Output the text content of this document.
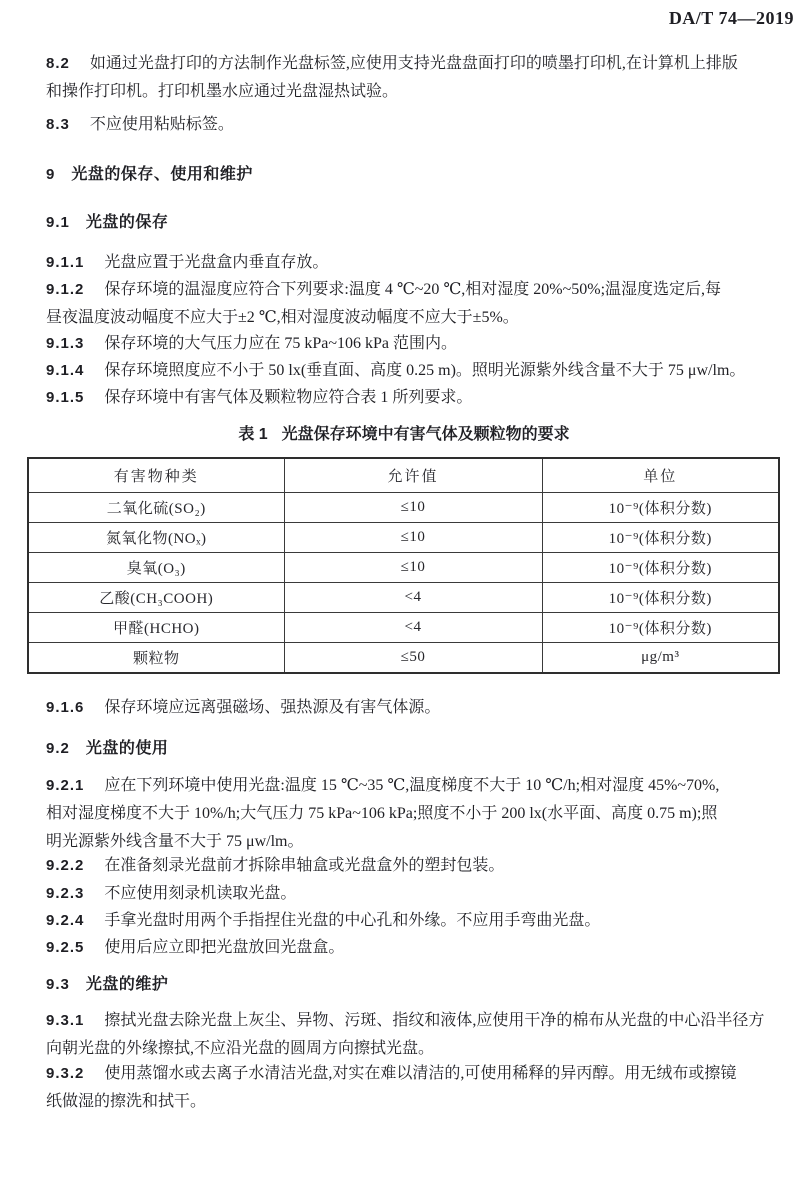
DA/T 74—2019
8.2 如通过光盘打印的方法制作光盘标签,应使用支持光盘盘面打印的喷墨打印机,在计算机上排版
和操作打印机。打印机墨水应通过光盘湿热试验。
8.3 不应使用粘贴标签。
9 光盘的保存、使用和维护
9.1 光盘的保存
9.1.1 光盘应置于光盘盒内垂直存放。
9.1.2 保存环境的温湿度应符合下列要求:温度 4 ℃~20 ℃,相对湿度 20%~50%;温湿度选定后,每
昼夜温度波动幅度不应大于±2 ℃,相对湿度波动幅度不应大于±5%。
9.1.3 保存环境的大气压力应在 75 kPa~106 kPa 范围内。
9.1.4 保存环境照度应不小于 50 lx(垂直面、高度 0.25 m)。照明光源紫外线含量不大于 75 μw/lm。
9.1.5 保存环境中有害气体及颗粒物应符合表 1 所列要求。
表 1 光盘保存环境中有害气体及颗粒物的要求
有害物种类	允许值	单位
二氧化硫(SO₂)	≤10	10⁻⁹(体积分数)
氮氧化物(NOₓ)	≤10	10⁻⁹(体积分数)
臭氧(O₃)	≤10	10⁻⁹(体积分数)
乙酸(CH₃COOH)	<4	10⁻⁹(体积分数)
甲醛(HCHO)	<4	10⁻⁹(体积分数)
颗粒物	≤50	μg/m³
9.1.6 保存环境应远离强磁场、强热源及有害气体源。
9.2 光盘的使用
9.2.1 应在下列环境中使用光盘:温度 15 ℃~35 ℃,温度梯度不大于 10 ℃/h;相对湿度 45%~70%,
相对湿度梯度不大于 10%/h;大气压力 75 kPa~106 kPa;照度不小于 200 lx(水平面、高度 0.75 m);照
明光源紫外线含量不大于 75 μw/lm。
9.2.2 在准备刻录光盘前才拆除串轴盒或光盘盒外的塑封包装。
9.2.3 不应使用刻录机读取光盘。
9.2.4 手拿光盘时用两个手指捏住光盘的中心孔和外缘。不应用手弯曲光盘。
9.2.5 使用后应立即把光盘放回光盘盒。
9.3 光盘的维护
9.3.1 擦拭光盘去除光盘上灰尘、异物、污斑、指纹和液体,应使用干净的棉布从光盘的中心沿半径方
向朝光盘的外缘擦拭,不应沿光盘的圆周方向擦拭光盘。
9.3.2 使用蒸馏水或去离子水清洁光盘,对实在难以清洁的,可使用稀释的异丙醇。用无绒布或擦镜
纸做湿的擦洗和拭干。
